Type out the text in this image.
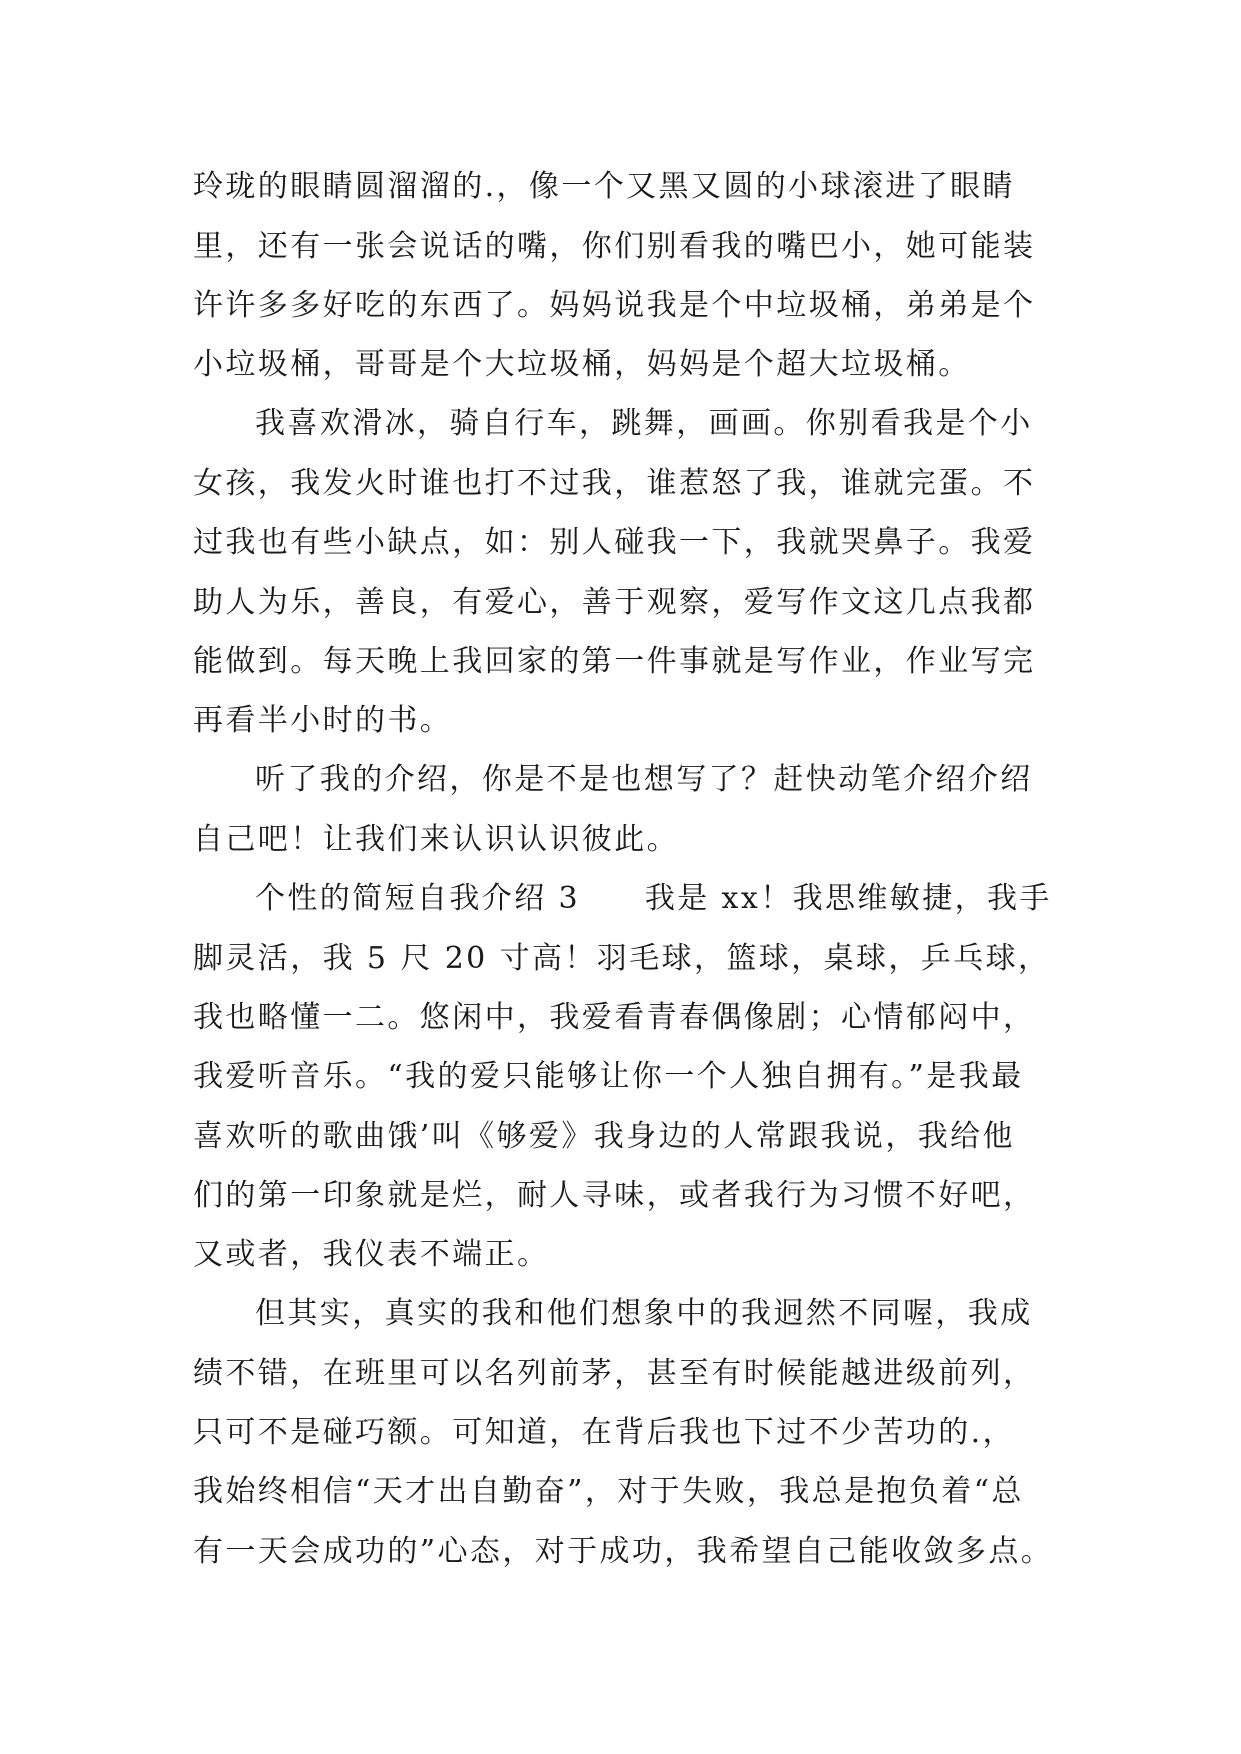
玲珑的眼睛圆溜溜的.，像一个又黑又圆的小球滚进了眼睛
里，还有一张会说话的嘴，你们别看我的嘴巴小，她可能装
许许多多好吃的东西了。妈妈说我是个中垃圾桶，弟弟是个
小垃圾桶，哥哥是个大垃圾桶，妈妈是个超大垃圾桶。
我喜欢滑冰，骑自行车，跳舞，画画。你别看我是个小
女孩，我发火时谁也打不过我，谁惹怒了我，谁就完蛋。不
过我也有些小缺点，如：别人碰我一下，我就哭鼻子。我爱
助人为乐，善良，有爱心，善于观察，爱写作文这几点我都
能做到。每天晚上我回家的第一件事就是写作业，作业写完
再看半小时的书。
听了我的介绍，你是不是也想写了？赶快动笔介绍介绍
自己吧！让我们来认识认识彼此。
个性的简短自我介绍 3　　我是 xx！我思维敏捷，我手
脚灵活，我 5 尺 20 寸高！羽毛球，篮球，桌球，乒乓球，
我也略懂一二。悠闲中，我爱看青春偶像剧；心情郁闷中，
我爱听音乐。“我的爱只能够让你一个人独自拥有。”是我最
喜欢听的歌曲饿’叫《够爱》我身边的人常跟我说，我给他
们的第一印象就是烂，耐人寻味，或者我行为习惯不好吧，
又或者，我仪表不端正。
但其实，真实的我和他们想象中的我迥然不同喔，我成
绩不错，在班里可以名列前茅，甚至有时候能越进级前列，
只可不是碰巧额。可知道，在背后我也下过不少苦功的.，
我始终相信“天才出自勤奋”，对于失败，我总是抱负着“总
有一天会成功的”心态，对于成功，我希望自己能收敛多点。
